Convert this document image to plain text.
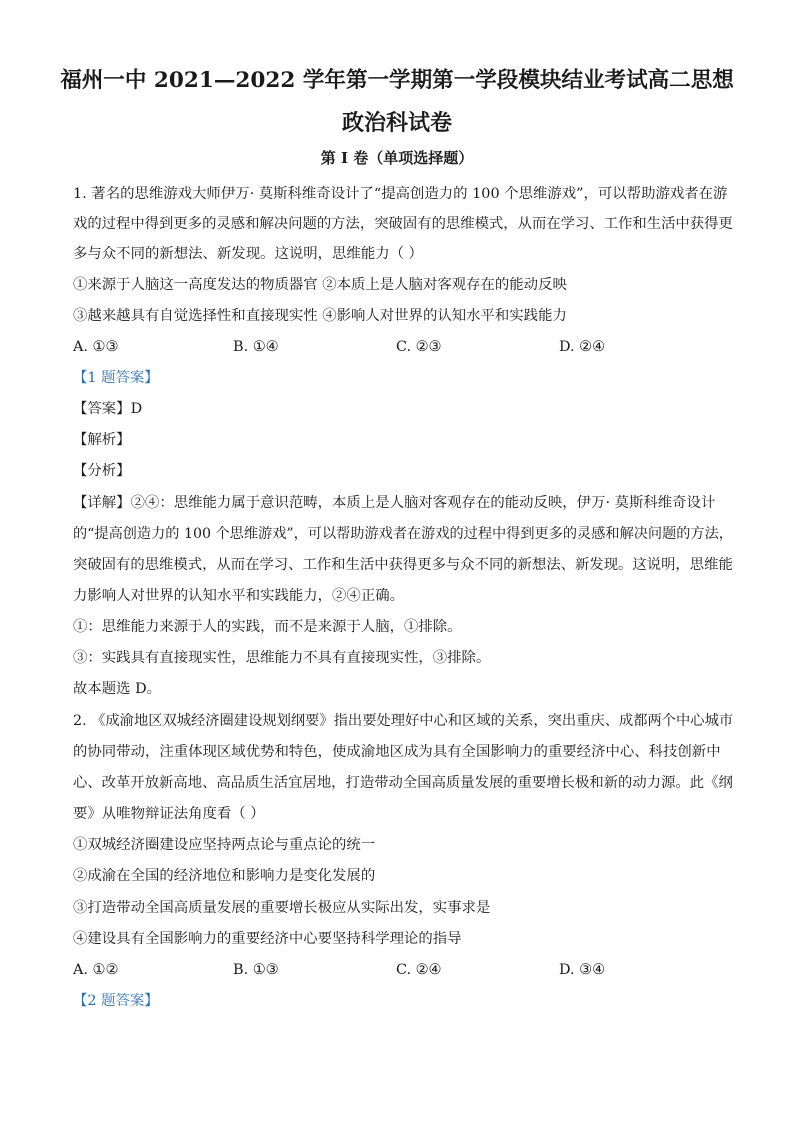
福州一中 2021—2022 学年第一学期第一学段模块结业考试高二思想
政治科试卷
第 I 卷（单项选择题）
1. 著名的思维游戏大师伊万· 莫斯科维奇设计了“提高创造力的 100 个思维游戏”，可以帮助游戏者在游
戏的过程中得到更多的灵感和解决问题的方法，突破固有的思维模式，从而在学习、工作和生活中获得更
多与众不同的新想法、新发现。这说明，思维能力（ ）
①来源于人脑这一高度发达的物质器官 ②本质上是人脑对客观存在的能动反映
③越来越具有自觉选择性和直接现实性 ④影响人对世界的认知水平和实践能力
A. ①③	B. ①④	C. ②③	D. ②④
【1 题答案】
【答案】D
【解析】
【分析】
【详解】②④：思维能力属于意识范畴，本质上是人脑对客观存在的能动反映，伊万· 莫斯科维奇设计
的“提高创造力的 100 个思维游戏”，可以帮助游戏者在游戏的过程中得到更多的灵感和解决问题的方法，
突破固有的思维模式，从而在学习、工作和生活中获得更多与众不同的新想法、新发现。这说明，思维能
力影响人对世界的认知水平和实践能力，②④正确。
①：思维能力来源于人的实践，而不是来源于人脑，①排除。
③：实践具有直接现实性，思维能力不具有直接现实性，③排除。
故本题选 D。
2. 《成渝地区双城经济圈建设规划纲要》指出要处理好中心和区域的关系，突出重庆、成都两个中心城市
的协同带动，注重体现区域优势和特色，使成渝地区成为具有全国影响力的重要经济中心、科技创新中
心、改革开放新高地、高品质生活宜居地，打造带动全国高质量发展的重要增长极和新的动力源。此《纲
要》从唯物辩证法角度看（ ）
①双城经济圈建设应坚持两点论与重点论的统一
②成渝在全国的经济地位和影响力是变化发展的
③打造带动全国高质量发展的重要增长极应从实际出发，实事求是
④建设具有全国影响力的重要经济中心要坚持科学理论的指导
A. ①②	B. ①③	C. ②④	D. ③④
【2 题答案】
